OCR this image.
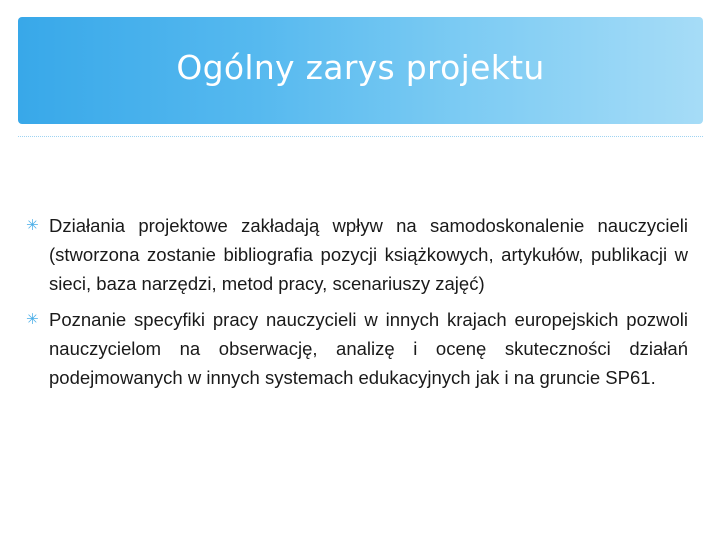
Ogólny zarys projektu
✳ Działania projektowe zakładają wpływ na samodoskonalenie nauczycieli (stworzona zostanie bibliografia pozycji książkowych, artykułów, publikacji w sieci, baza narzędzi, metod pracy, scenariuszy zajęć)
✳ Poznanie specyfiki pracy nauczycieli w innych krajach europejskich pozwoli nauczycielom na obserwację, analizę i ocenę skuteczności działań podejmowanych w innych systemach edukacyjnych jak i na gruncie SP61.
